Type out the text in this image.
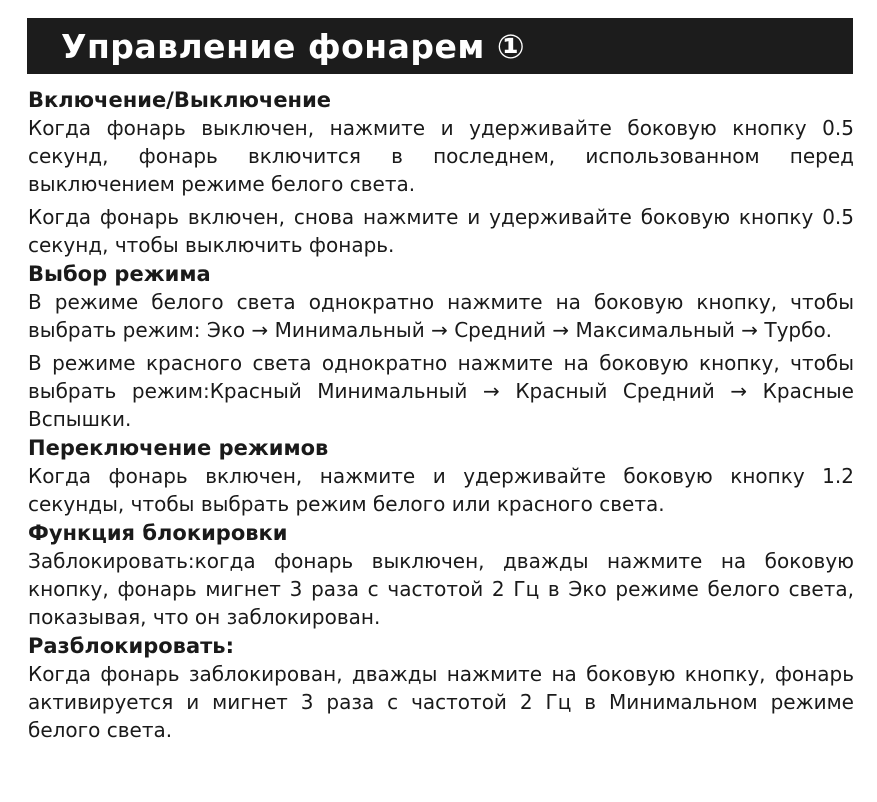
Управление фонарем ①
Включение/Выключение

Когда фонарь выключен, нажмите и удерживайте боковую кнопку 0.5 секунд, фонарь включится в последнем, использованном перед выключением режиме белого света.

Когда фонарь включен, снова нажмите и удерживайте боковую кнопку 0.5 секунд, чтобы выключить фонарь.

Выбор режима

В режиме белого света однократно нажмите на боковую кнопку, чтобы выбрать режим: Эко → Минимальный → Средний → Максимальный → Турбо.

В режиме красного света однократно нажмите на боковую кнопку, чтобы выбрать режим:Красный Минимальный → Красный Средний → Красные Вспышки.

Переключение режимов

Когда фонарь включен, нажмите и удерживайте боковую кнопку 1.2 секунды, чтобы выбрать режим белого или красного света.

Функция блокировки

Заблокировать:когда фонарь выключен, дважды нажмите на боковую кнопку, фонарь мигнет 3 раза с частотой 2 Гц в Эко режиме белого света, показывая, что он заблокирован.

Разблокировать:

Когда фонарь заблокирован, дважды нажмите на боковую кнопку, фонарь активируется и мигнет 3 раза с частотой 2 Гц в Минимальном режиме белого света.
